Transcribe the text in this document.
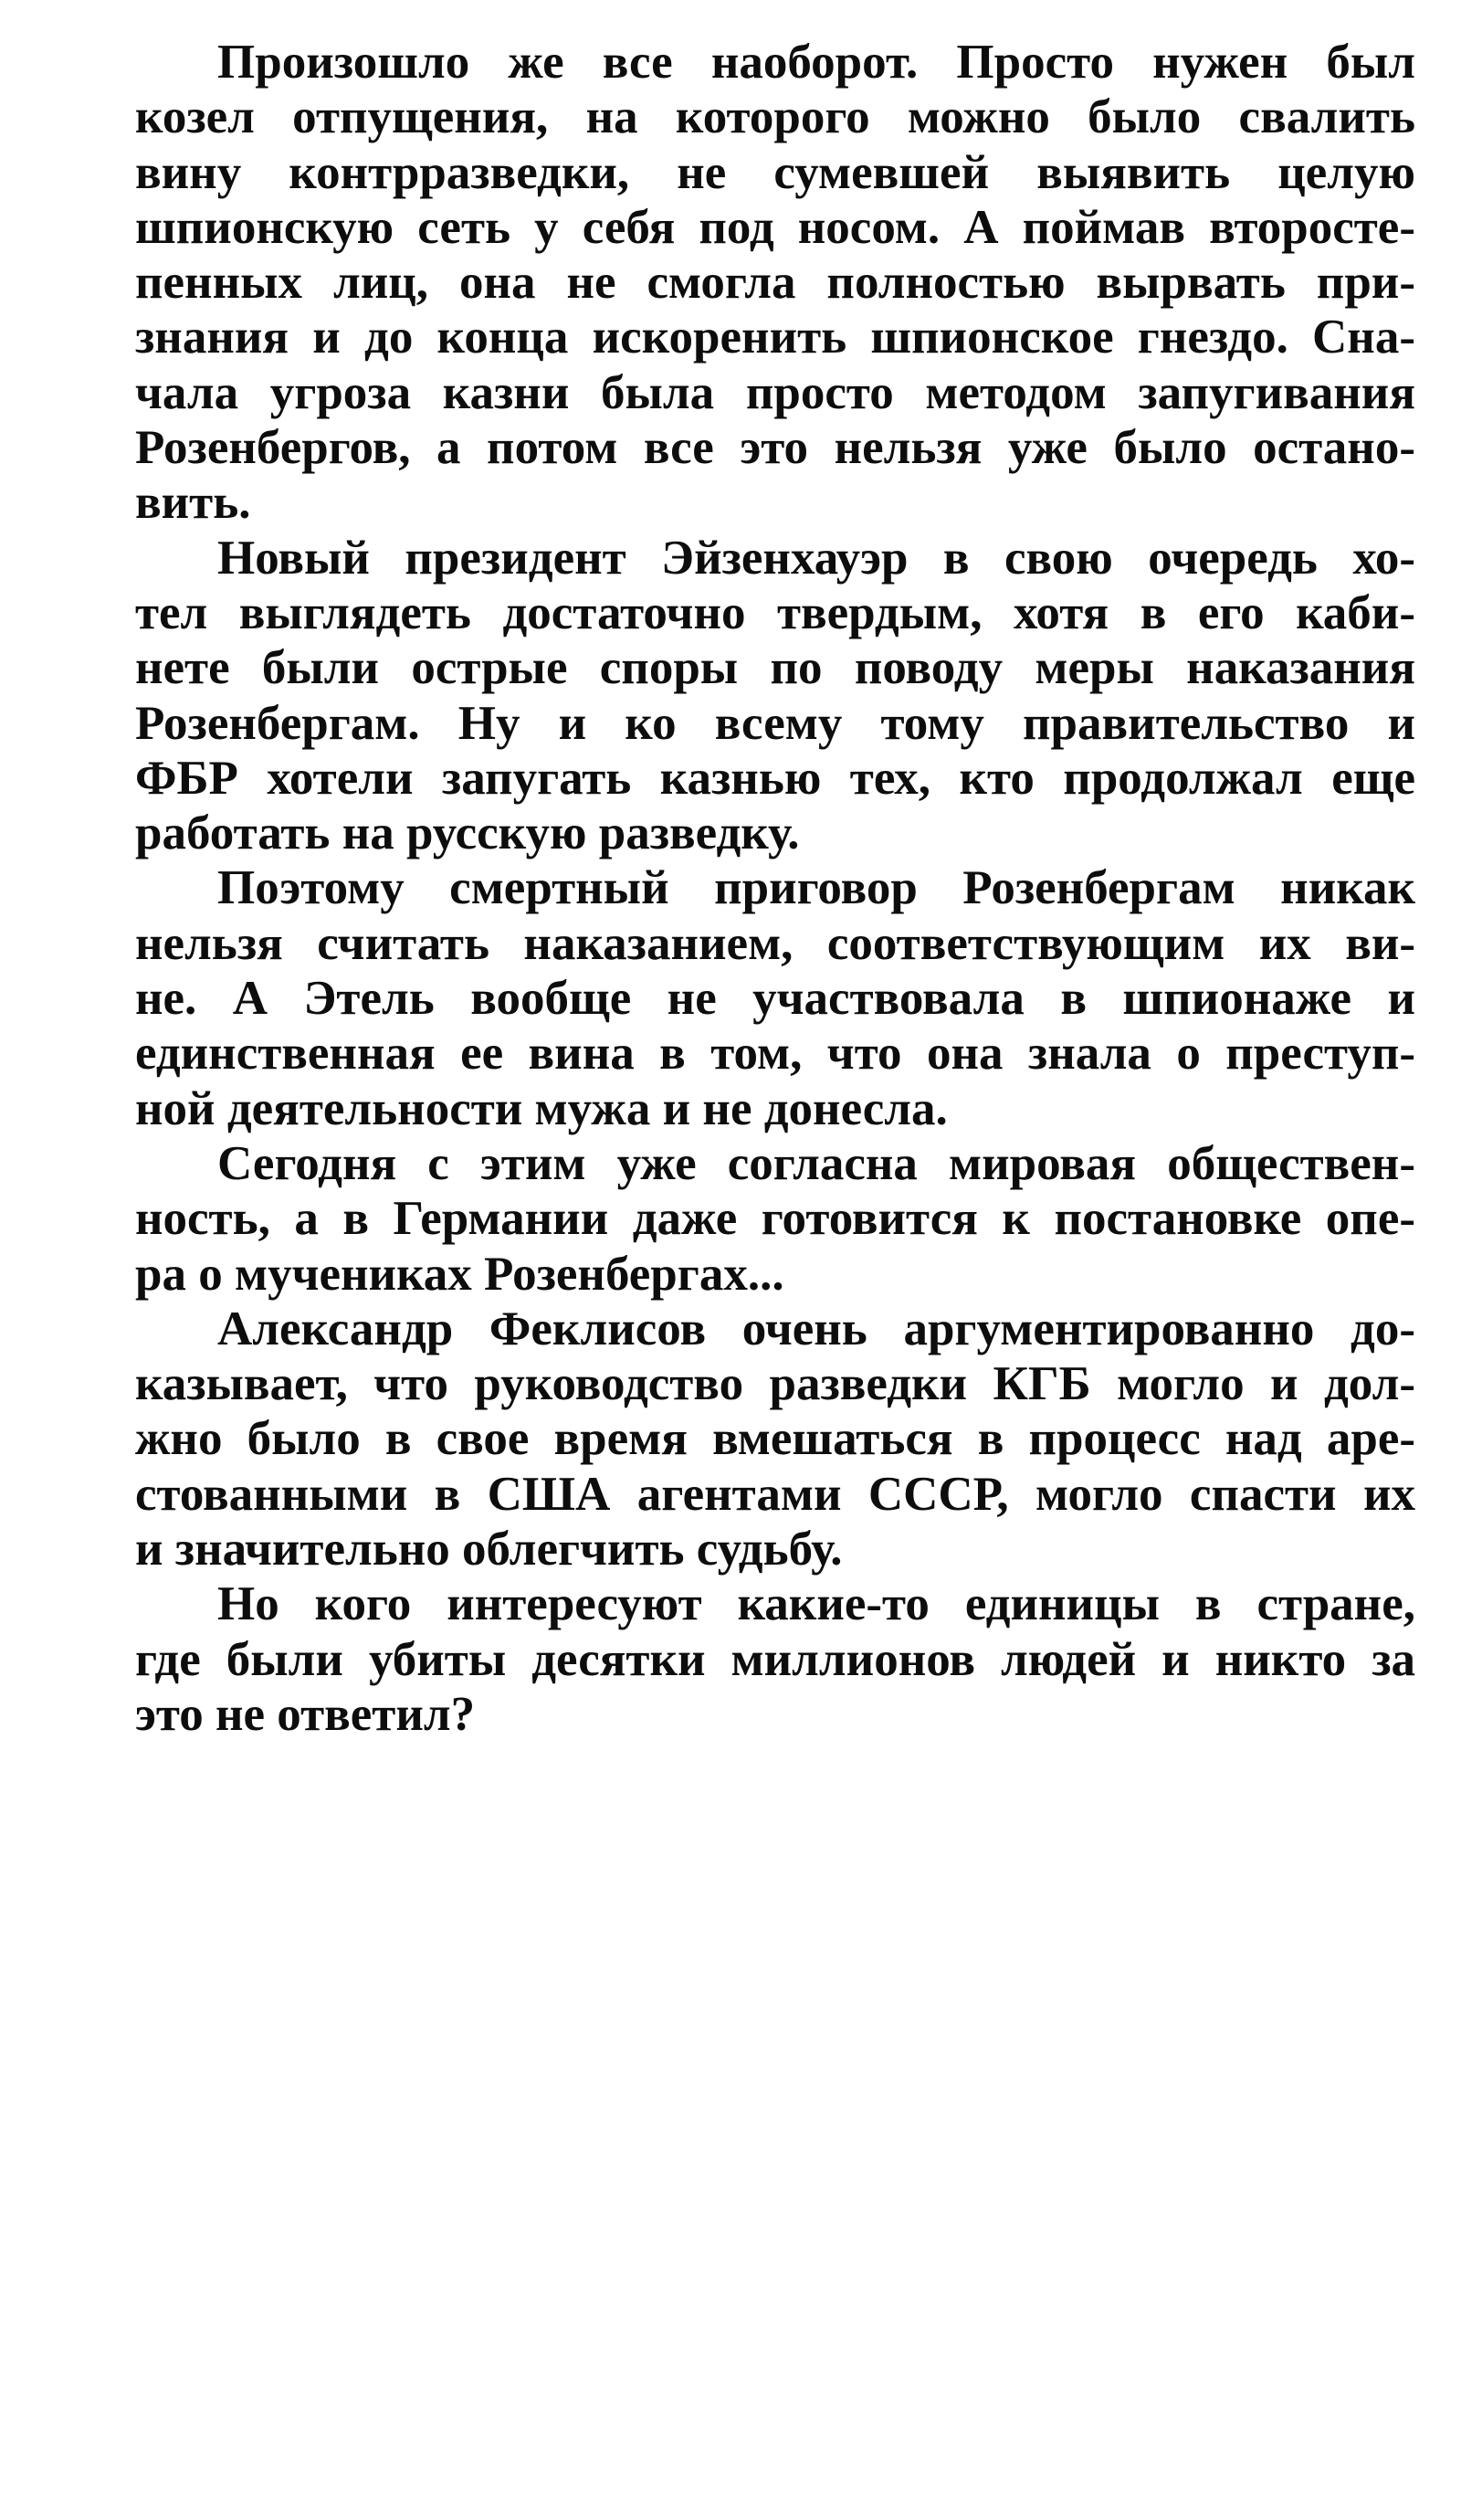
Произошло же все наоборот. Просто нужен был
козел отпущения, на которого можно было свалить
вину контрразведки, не сумевшей выявить целую
шпионскую сеть у себя под носом. А поймав второсте-
пенных лиц, она не смогла полностью вырвать при-
знания и до конца искоренить шпионское гнездо. Сна-
чала угроза казни была просто методом запугивания
Розенбергов, а потом все это нельзя уже было остано-
вить.
Новый президент Эйзенхауэр в свою очередь хо-
тел выглядеть достаточно твердым, хотя в его каби-
нете были острые споры по поводу меры наказания
Розенбергам. Ну и ко всему тому правительство и
ФБР хотели запугать казнью тех, кто продолжал еще
работать на русскую разведку.
Поэтому смертный приговор Розенбергам никак
нельзя считать наказанием, соответствующим их ви-
не. А Этель вообще не участвовала в шпионаже и
единственная ее вина в том, что она знала о преступ-
ной деятельности мужа и не донесла.
Сегодня с этим уже согласна мировая обществен-
ность, а в Германии даже готовится к постановке опе-
ра о мучениках Розенбергах...
Александр Феклисов очень аргументированно до-
казывает, что руководство разведки КГБ могло и дол-
жно было в свое время вмешаться в процесс над аре-
стованными в США агентами СССР, могло спасти их
и значительно облегчить судьбу.
Но кого интересуют какие-то единицы в стране,
где были убиты десятки миллионов людей и никто за
это не ответил?
